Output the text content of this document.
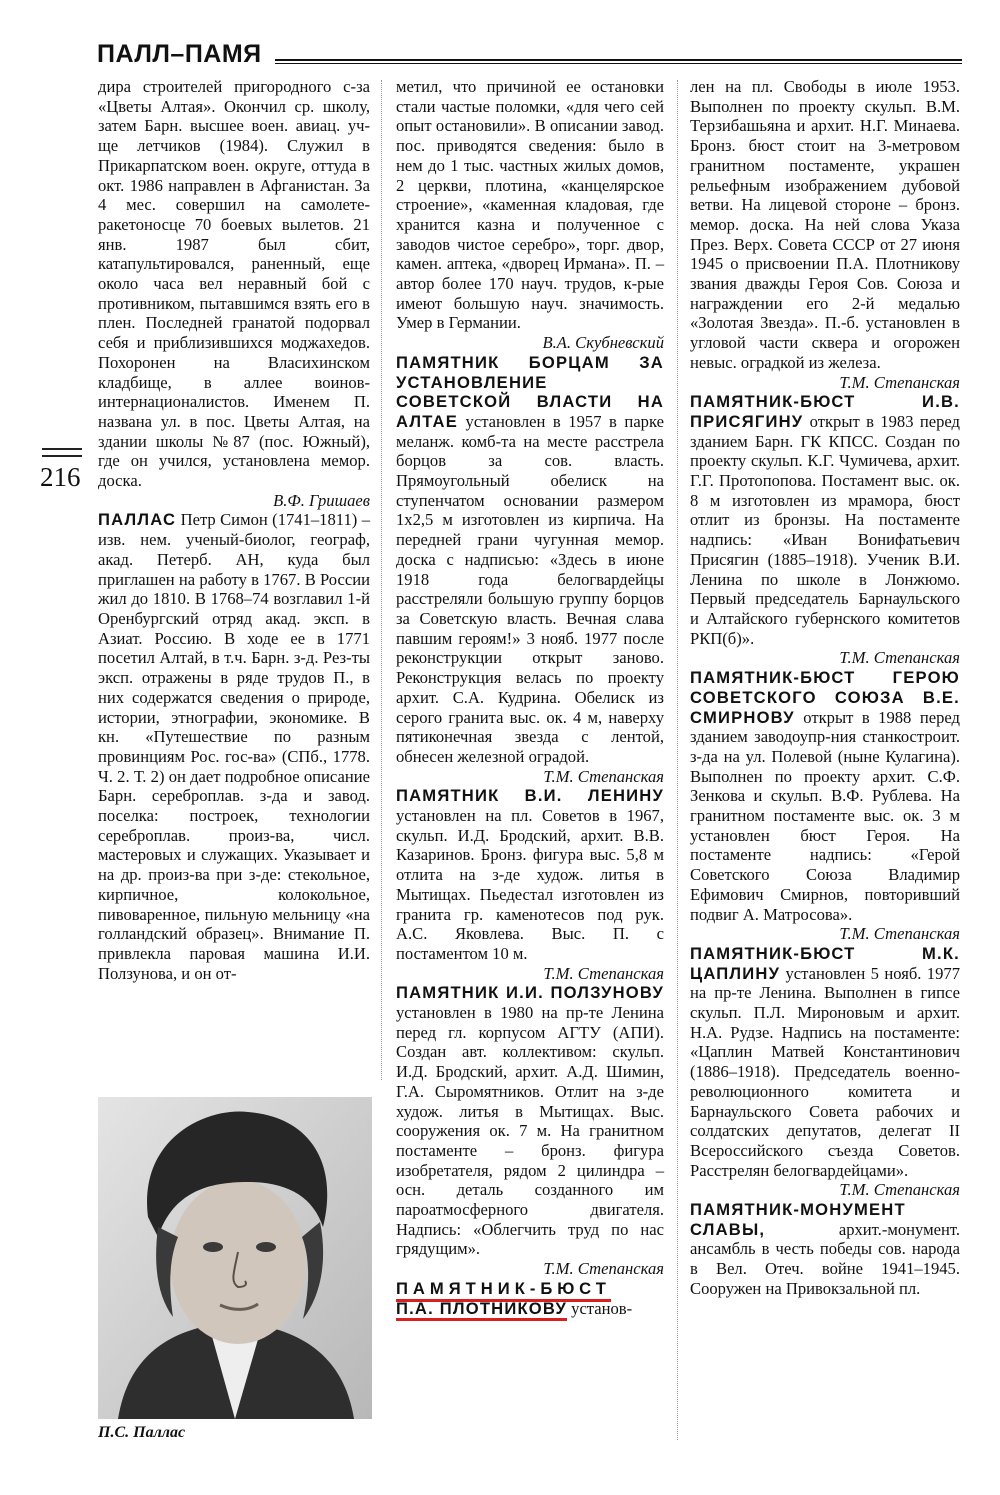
ПАЛЛ–ПАМЯ
216

дира строителей пригородного с-за «Цветы Алтая». Окончил ср. школу, затем Барн. высшее воен. авиац. уч-ще летчиков (1984). Служил в Прикарпатском воен. округе, оттуда в окт. 1986 направлен в Афганистан. За 4 мес. совершил на самолете-ракетоносце 70 боевых вылетов. 21 янв. 1987 был сбит, катапультировался, раненный, еще около часа вел неравный бой с противником, пытавшимся взять его в плен. Последней гранатой подорвал себя и приблизившихся моджахедов. Похоронен на Власихинском кладбище, в аллее воинов-интернационалистов. Именем П. названа ул. в пос. Цветы Алтая, на здании школы №87 (пос. Южный), где он учился, установлена мемор. доска.

В.Ф. Гришаев

ПАЛЛАС Петр Симон (1741–1811) – изв. нем. ученый-биолог, географ, акад. Петерб. АН, куда был приглашен на работу в 1767. В России жил до 1810. В 1768–74 возглавил 1-й Оренбургский отряд акад. эксп. в Азиат. Россию. В ходе ее в 1771 посетил Алтай, в т.ч. Барн. з-д. Рез-ты эксп. отражены в ряде трудов П., в них содержатся сведения о природе, истории, этнографии, экономике. В кн. «Путешествие по разным провинциям Рос. гос-ва» (СПб., 1778. Ч. 2. Т. 2) он дает подробное описание Барн. сереброплав. з-да и завод. поселка: построек, технологии сереброплав. произ-ва, числ. мастеровых и служащих. Указывает и на др. произ-ва при з-де: стекольное, кирпичное, колокольное, пивоваренное, пильную мельницу «на голландский образец». Внимание П. привлекла паровая машина И.И. Ползунова, и он от-

П.С. Паллас

метил, что причиной ее остановки стали частые поломки, «для чего сей опыт остановили». В описании завод. пос. приводятся сведения: было в нем до 1 тыс. частных жилых домов, 2 церкви, плотина, «канцелярское строение», «каменная кладовая, где хранится казна и полученное с заводов чистое серебро», торг. двор, камен. аптека, «дворец Ирмана». П. – автор более 170 науч. трудов, к-рые имеют большую науч. значимость. Умер в Германии.

В.А. Скубневский

ПАМЯТНИК БОРЦАМ ЗА УСТАНОВЛЕНИЕ СОВЕТСКОЙ ВЛАСТИ НА АЛТАЕ установлен в 1957 в парке меланж. комб-та на месте расстрела борцов за сов. власть. Прямоугольный обелиск на ступенчатом основании размером 1х2,5 м изготовлен из кирпича. На передней грани чугунная мемор. доска с надписью: «Здесь в июне 1918 года белогвардейцы расстреляли большую группу борцов за Советскую власть. Вечная слава павшим героям!» 3 нояб. 1977 после реконструкции открыт заново. Реконструкция велась по проекту архит. С.А. Кудрина. Обелиск из серого гранита выс. ок. 4 м, наверху пятиконечная звезда с лентой, обнесен железной оградой.

Т.М. Степанская

ПАМЯТНИК В.И. ЛЕНИНУ установлен на пл. Советов в 1967, скульп. И.Д. Бродский, архит. В.В. Казаринов. Бронз. фигура выс. 5,8 м отлита на з-де худож. литья в Мытищах. Пьедестал изготовлен из гранита гр. каменотесов под рук. А.С. Яковлева. Выс. П. с постаментом 10 м.

Т.М. Степанская

ПАМЯТНИК И.И. ПОЛЗУНОВУ установлен в 1980 на пр-те Ленина перед гл. корпусом АГТУ (АПИ). Создан авт. коллективом: скульп. И.Д. Бродский, архит. А.Д. Шимин, Г.А. Сыромятников. Отлит на з-де худож. литья в Мытищах. Выс. сооружения ок. 7 м. На гранитном постаменте – бронз. фигура изобретателя, рядом 2 цилиндра – осн. деталь созданного им пароатмосферного двигателя. Надпись: «Облегчить труд по нас грядущим».

Т.М. Степанская

ПАМЯТНИК-БЮСТ
П.А. ПЛОТНИКОВУ установ-

лен на пл. Свободы в июле 1953. Выполнен по проекту скульп. В.М. Терзибашьяна и архит. Н.Г. Минаева. Бронз. бюст стоит на 3-метровом гранитном постаменте, украшен рельефным изображением дубовой ветви. На лицевой стороне – бронз. мемор. доска. На ней слова Указа През. Верх. Совета СССР от 27 июня 1945 о присвоении П.А. Плотникову звания дважды Героя Сов. Союза и награждении его 2-й медалью «Золотая Звезда». П.-б. установлен в угловой части сквера и огорожен невыс. оградкой из железа.

Т.М. Степанская

ПАМЯТНИК-БЮСТ И.В. ПРИСЯГИНУ открыт в 1983 перед зданием Барн. ГК КПСС. Создан по проекту скульп. К.Г. Чумичева, архит. Г.Г. Протопопова. Постамент выс. ок. 8 м изготовлен из мрамора, бюст отлит из бронзы. На постаменте надпись: «Иван Вонифатьевич Присягин (1885–1918). Ученик В.И. Ленина по школе в Лонжюмо. Первый председатель Барнаульского и Алтайского губернского комитетов РКП(б)».

Т.М. Степанская

ПАМЯТНИК-БЮСТ ГЕРОЮ СОВЕТСКОГО СОЮЗА В.Е. СМИРНОВУ открыт в 1988 перед зданием заводоупр-ния станкостроит. з-да на ул. Полевой (ныне Кулагина). Выполнен по проекту архит. С.Ф. Зенкова и скульп. В.Ф. Рублева. На гранитном постаменте выс. ок. 3 м установлен бюст Героя. На постаменте надпись: «Герой Советского Союза Владимир Ефимович Смирнов, повторивший подвиг А. Матросова».

Т.М. Степанская

ПАМЯТНИК-БЮСТ М.К. ЦАПЛИНУ установлен 5 нояб. 1977 на пр-те Ленина. Выполнен в гипсе скульп. П.Л. Мироновым и архит. Н.А. Рудзе. Надпись на постаменте: «Цаплин Матвей Константинович (1886–1918). Председатель военно-революционного комитета и Барнаульского Совета рабочих и солдатских депутатов, делегат II Всероссийского съезда Советов. Расстрелян белогвардейцами».

Т.М. Степанская

ПАМЯТНИК-МОНУМЕНТ СЛАВЫ,	архит.-монумент. ансамбль в честь победы сов. народа в Вел. Отеч. войне 1941–1945. Сооружен на Привокзальной пл.
